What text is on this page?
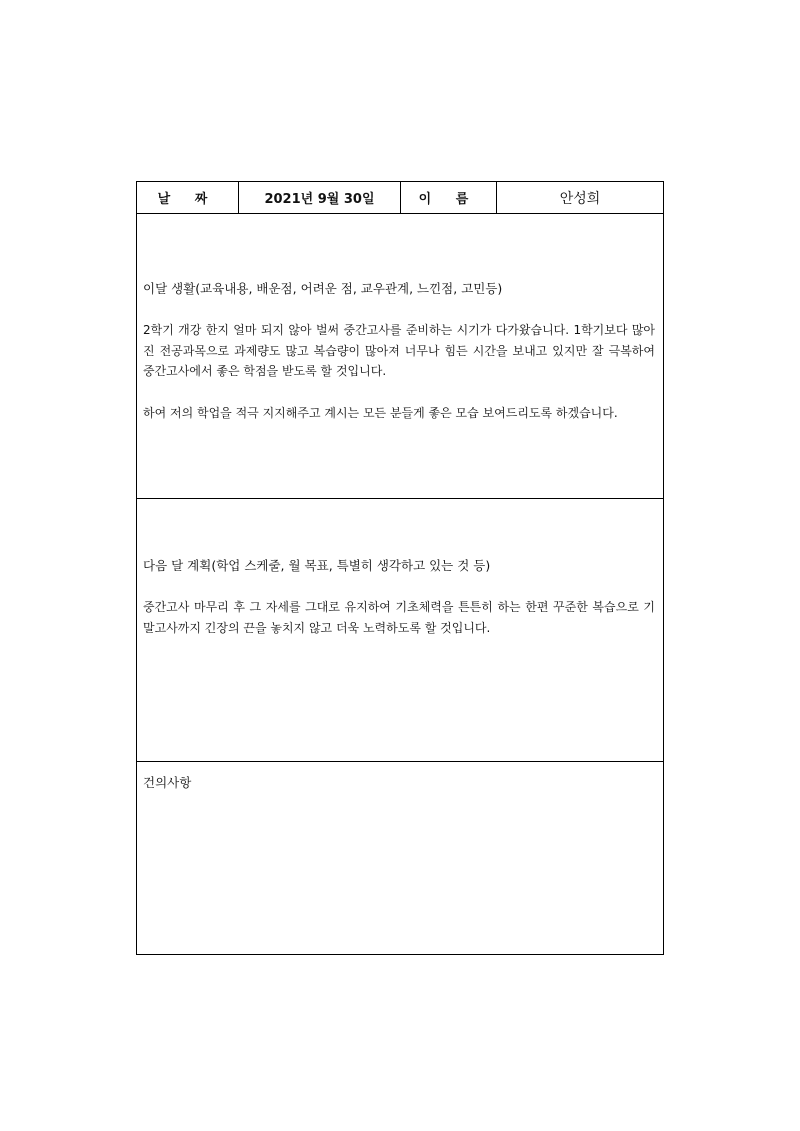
날 짜	2021년 9월 30일	이 름	안성희
이달 생활(교육내용, 배운점, 어려운 점, 교우관계, 느낀점, 고민등)
2학기 개강 한지 얼마 되지 않아 벌써 중간고사를 준비하는 시기가 다가왔습니다. 1학기보다 많아진 전공과목으로 과제량도 많고 복습량이 많아져 너무나 힘든 시간을 보내고 있지만 잘 극복하여 중간고사에서 좋은 학점을 받도록 할 것입니다.
하여 저의 학업을 적극 지지해주고 계시는 모든 분들게 좋은 모습 보여드리도록 하겠습니다.
다음 달 계획(학업 스케줄, 월 목표, 특별히 생각하고 있는 것 등)
중간고사 마무리 후 그 자세를 그대로 유지하여 기초체력을 튼튼히 하는 한편 꾸준한 복습으로 기말고사까지 긴장의 끈을 놓치지 않고 더욱 노력하도록 할 것입니다.
건의사항
